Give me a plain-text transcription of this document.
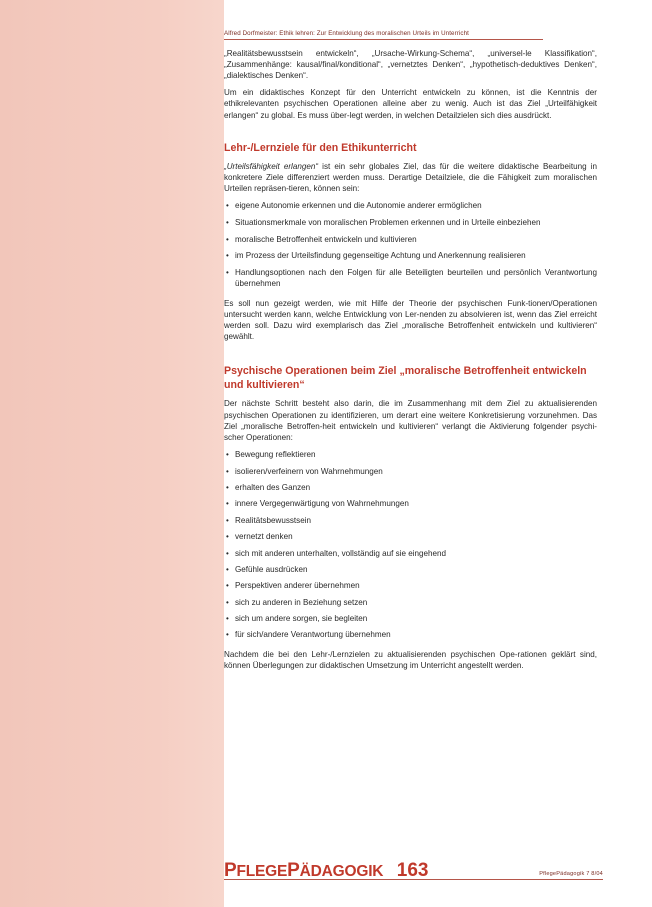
Alfred Dorfmeister: Ethik lehren: Zur Entwicklung des moralischen Urteils im Unterricht

„Realitätsbewusstsein entwickeln“, „Ursache-Wirkung-Schema“, „universel-le Klassifikation“, „Zusammenhänge: kausal/final/konditional“, „vernetztes Denken“, „hypothetisch-deduktives Denken“, „dialektisches Denken“.

Um ein didaktisches Konzept für den Unterricht entwickeln zu können, ist die Kenntnis der ethikrelevanten psychischen Operationen alleine aber zu wenig. Auch ist das Ziel „Urteilfähigkeit erlangen“ zu global. Es muss über-legt werden, in welchen Detailzielen sich dies ausdrückt.

Lehr-/Lernziele für den Ethikunterricht

„Urteilsfähigkeit erlangen“ ist ein sehr globales Ziel, das für die weitere didaktische Bearbeitung in konkretere Ziele differenziert werden muss. Derartige Detailziele, die die Fähigkeit zum moralischen Urteilen repräsen-tieren, können sein:

• eigene Autonomie erkennen und die Autonomie anderer ermöglichen
• Situationsmerkmale von moralischen Problemen erkennen und in Urteile einbeziehen
• moralische Betroffenheit entwickeln und kultivieren
• im Prozess der Urteilsfindung gegenseitige Achtung und Anerkennung realisieren
• Handlungsoptionen nach den Folgen für alle Beteiligten beurteilen und persönlich Verantwortung übernehmen

Es soll nun gezeigt werden, wie mit Hilfe der Theorie der psychischen Funk-tionen/Operationen untersucht werden kann, welche Entwicklung von Ler-nenden zu absolvieren ist, wenn das Ziel erreicht werden soll. Dazu wird exemplarisch das Ziel „moralische Betroffenheit entwickeln und kultivieren“ gewählt.

Psychische Operationen beim Ziel „moralische Betroffenheit entwickeln und kultivieren“

Der nächste Schritt besteht also darin, die im Zusammenhang mit dem Ziel zu aktualisierenden psychischen Operationen zu identifizieren, um derart eine weitere Konkretisierung vorzunehmen. Das Ziel „moralische Betroffen-heit entwickeln und kultivieren“ verlangt die Aktivierung folgender psychi-scher Operationen:

• Bewegung reflektieren
• isolieren/verfeinern von Wahrnehmungen
• erhalten des Ganzen
• innere Vergegenwärtigung von Wahrnehmungen
• Realitätsbewusstsein
• vernetzt denken
• sich mit anderen unterhalten, vollständig auf sie eingehend
• Gefühle ausdrücken
• Perspektiven anderer übernehmen
• sich zu anderen in Beziehung setzen
• sich um andere sorgen, sie begleiten
• für sich/andere Verantwortung übernehmen

Nachdem die bei den Lehr-/Lernzielen zu aktualisierenden psychischen Ope-rationen geklärt sind, können Überlegungen zur didaktischen Umsetzung im Unterricht angestellt werden.

PFLEGEPÄDAGOGIK 163	PflegePädagogik 7 8/04
